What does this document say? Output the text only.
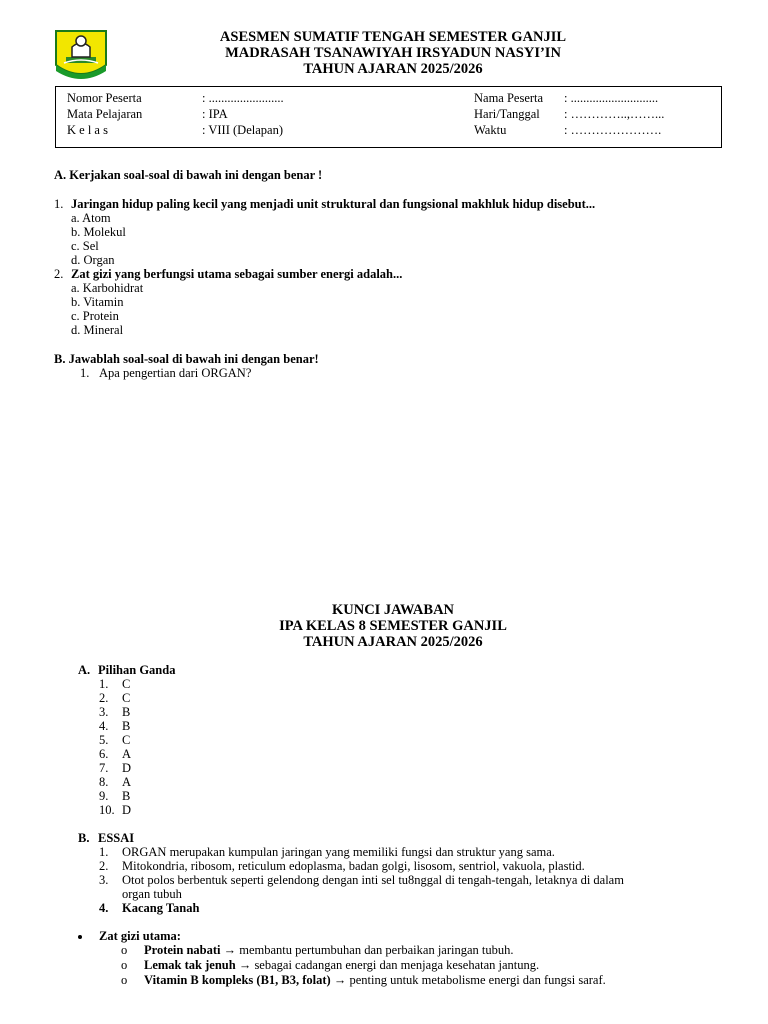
ASESMEN SUMATIF TENGAH SEMESTER GANJIL
MADRASAH TSANAWIYAH IRSYADUN NASYI’IN
TAHUN AJARAN 2025/2026
Nomor Peserta	: ........................
Mata Pelajaran	: IPA
K e l a s	: VIII (Delapan)
Nama Peserta : ............................
Hari/Tanggal : …………..,……...
Waktu	: ………………….
A. Kerjakan soal-soal di bawah ini dengan benar !
1. Jaringan hidup paling kecil yang menjadi unit struktural dan fungsional makhluk hidup disebut...
a. Atom
b. Molekul
c. Sel
d. Organ
2. Zat gizi yang berfungsi utama sebagai sumber energi adalah...
a. Karbohidrat
b. Vitamin
c. Protein
d. Mineral
B. Jawablah soal-soal di bawah ini dengan benar!
1. Apa pengertian dari ORGAN?
KUNCI JAWABAN
IPA KELAS 8 SEMESTER GANJIL
TAHUN AJARAN 2025/2026
A. Pilihan Ganda
1. C
2. C
3. B
4. B
5. C
6. A
7. D
8. A
9. B
10. D
B. ESSAI
1. ORGAN merupakan kumpulan jaringan yang memiliki fungsi dan struktur yang sama.
2. Mitokondria, ribosom, reticulum edoplasma, badan golgi, lisosom, sentriol, vakuola, plastid.
3. Otot polos berbentuk seperti gelendong dengan inti sel tu8nggal di tengah-tengah, letaknya di dalam
organ tubuh
4. Kacang Tanah
Zat gizi utama:
o Protein nabati → membantu pertumbuhan dan perbaikan jaringan tubuh.
o Lemak tak jenuh → sebagai cadangan energi dan menjaga kesehatan jantung.
o Vitamin B kompleks (B1, B3, folat) → penting untuk metabolisme energi dan fungsi saraf.
